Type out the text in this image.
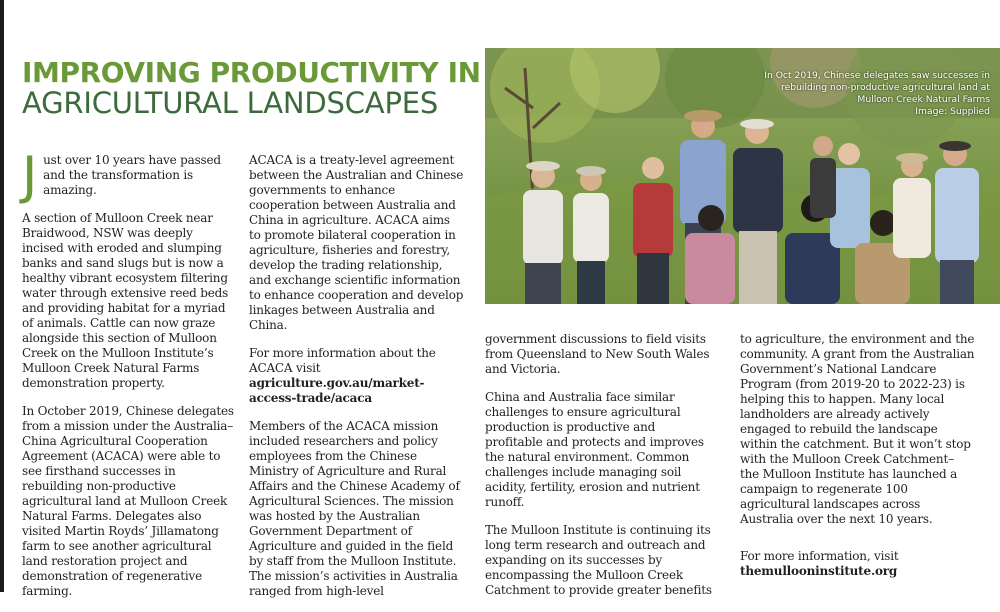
IMPROVING PRODUCTIVITY IN
AGRICULTURAL LANDSCAPES
In Oct 2019, Chinese delegates saw successes in
rebuilding non-productive agricultural land at
Mulloon Creek Natural Farms
Image: Supplied

Just over 10 years have passed and the transformation is amazing.

A section of Mulloon Creek near Braidwood, NSW was deeply incised with eroded and slumping banks and sand slugs but is now a healthy vibrant ecosystem filtering water through extensive reed beds and providing habitat for a myriad of animals. Cattle can now graze alongside this section of Mulloon Creek on the Mulloon Institute’s Mulloon Creek Natural Farms demonstration property.

In October 2019, Chinese delegates from a mission under the Australia–China Agricultural Cooperation Agreement (ACACA) were able to see firsthand successes in rebuilding non-productive agricultural land at Mulloon Creek Natural Farms. Delegates also visited Martin Royds’ Jillamatong farm to see another agricultural land restoration project and demonstration of regenerative farming.

ACACA is a treaty-level agreement between the Australian and Chinese governments to enhance cooperation between Australia and China in agriculture. ACACA aims to promote bilateral cooperation in agriculture, fisheries and forestry, develop the trading relationship, and exchange scientific information to enhance cooperation and develop linkages between Australia and China.

For more information about the ACACA visit agriculture.gov.au/market-access-trade/acaca

Members of the ACACA mission included researchers and policy employees from the Chinese Ministry of Agriculture and Rural Affairs and the Chinese Academy of Agricultural Sciences. The mission was hosted by the Australian Government Department of Agriculture and guided in the field by staff from the Mulloon Institute. The mission’s activities in Australia ranged from high-level

government discussions to field visits from Queensland to New South Wales and Victoria.

China and Australia face similar challenges to ensure agricultural production is productive and profitable and protects and improves the natural environment. Common challenges include managing soil acidity, fertility, erosion and nutrient runoff.

The Mulloon Institute is continuing its long term research and outreach and expanding on its successes by encompassing the Mulloon Creek Catchment to provide greater benefits

to agriculture, the environment and the community. A grant from the Australian Government’s National Landcare Program (from 2019-20 to 2022-23) is helping this to happen. Many local landholders are already actively engaged to rebuild the landscape within the catchment. But it won’t stop with the Mulloon Creek Catchment– the Mulloon Institute has launched a campaign to regenerate 100 agricultural landscapes across Australia over the next 10 years.

For more information, visit
themullooninstitute.org
